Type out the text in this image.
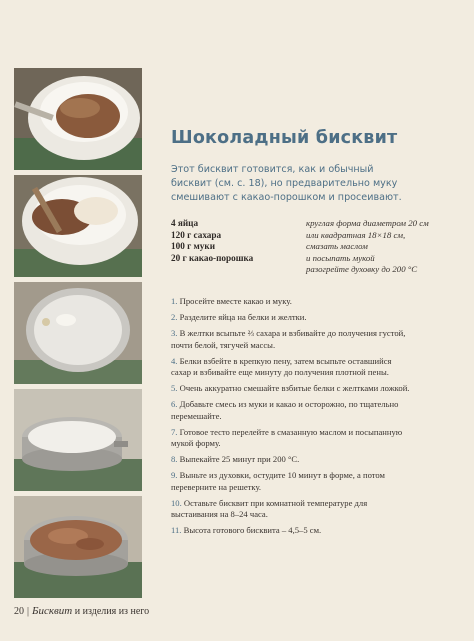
Шоколадный бисквит
Этот бисквит готовится, как и обычный бисквит (см. с. 18), но предварительно муку смешивают с какао-порошком и просеивают.
4 яйца
120 г сахара
100 г муки
20 г какао-порошка
круглая форма диаметром 20 см
или квадратная 18×18 см,
смазать маслом
и посыпать мукой
разогрейте духовку до 200 °С
1. Просейте вместе какао и муку.
2. Разделите яйца на белки и желтки.
3. В желтки всыпьте ⅔ сахара и взбивайте до получения густой, почти белой, тягучей массы.
4. Белки взбейте в крепкую пену, затем всыпьте оставшийся сахар и взбивайте еще минуту до получения плотной пены.
5. Очень аккуратно смешайте взбитые белки с желтками ложкой.
6. Добавьте смесь из муки и какао и осторожно, по тщательно перемешайте.
7. Готовое тесто перелейте в смазанную маслом и посыпанную мукой форму.
8. Выпекайте 25 минут при 200 °С.
9. Выньте из духовки, остудите 10 минут в форме, а потом переверните на решетку.
10. Оставьте бисквит при комнатной температуре для выстаивания на 8–24 часа.
11. Высота готового бисквита – 4,5–5 см.
20 | Бисквит и изделия из него
